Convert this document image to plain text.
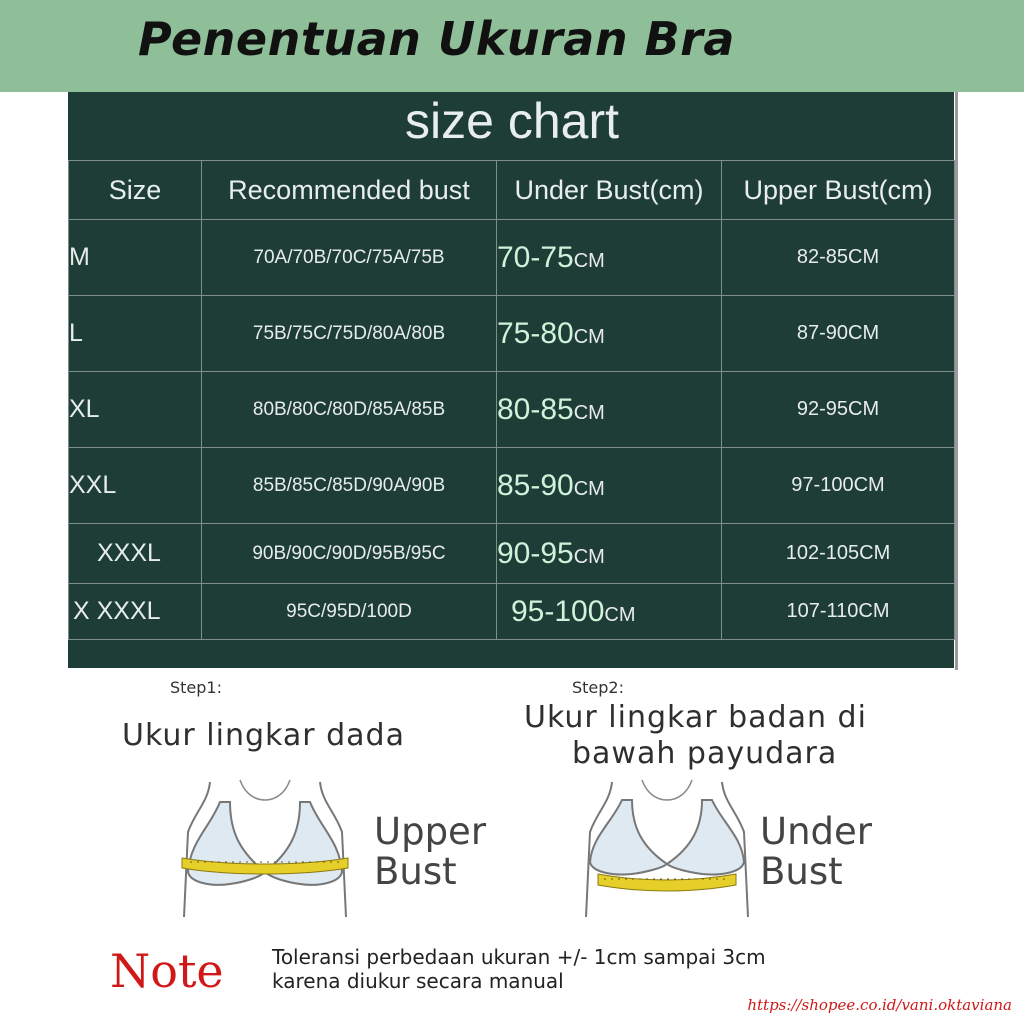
Penentuan Ukuran Bra
size chart
Size	Recommended bust	Under Bust(cm)	Upper Bust(cm)
M	70A/70B/70C/75A/75B	70-75CM	82-85CM
L	75B/75C/75D/80A/80B	75-80CM	87-90CM
XL	80B/80C/80D/85A/85B	80-85CM	92-95CM
XXL	85B/85C/85D/90A/90B	85-90CM	97-100CM
XXXL	90B/90C/90D/95B/95C	90-95CM	102-105CM
X XXXL	95C/95D/100D	95-100CM	107-110CM
Step1:
Ukur lingkar dada
Upper
Bust
Step2:
Ukur lingkar badan di
bawah payudara
Under
Bust
Note Toleransi perbedaan ukuran +/- 1cm sampai 3cm
karena diukur secara manual
https://shopee.co.id/vani.oktaviana
